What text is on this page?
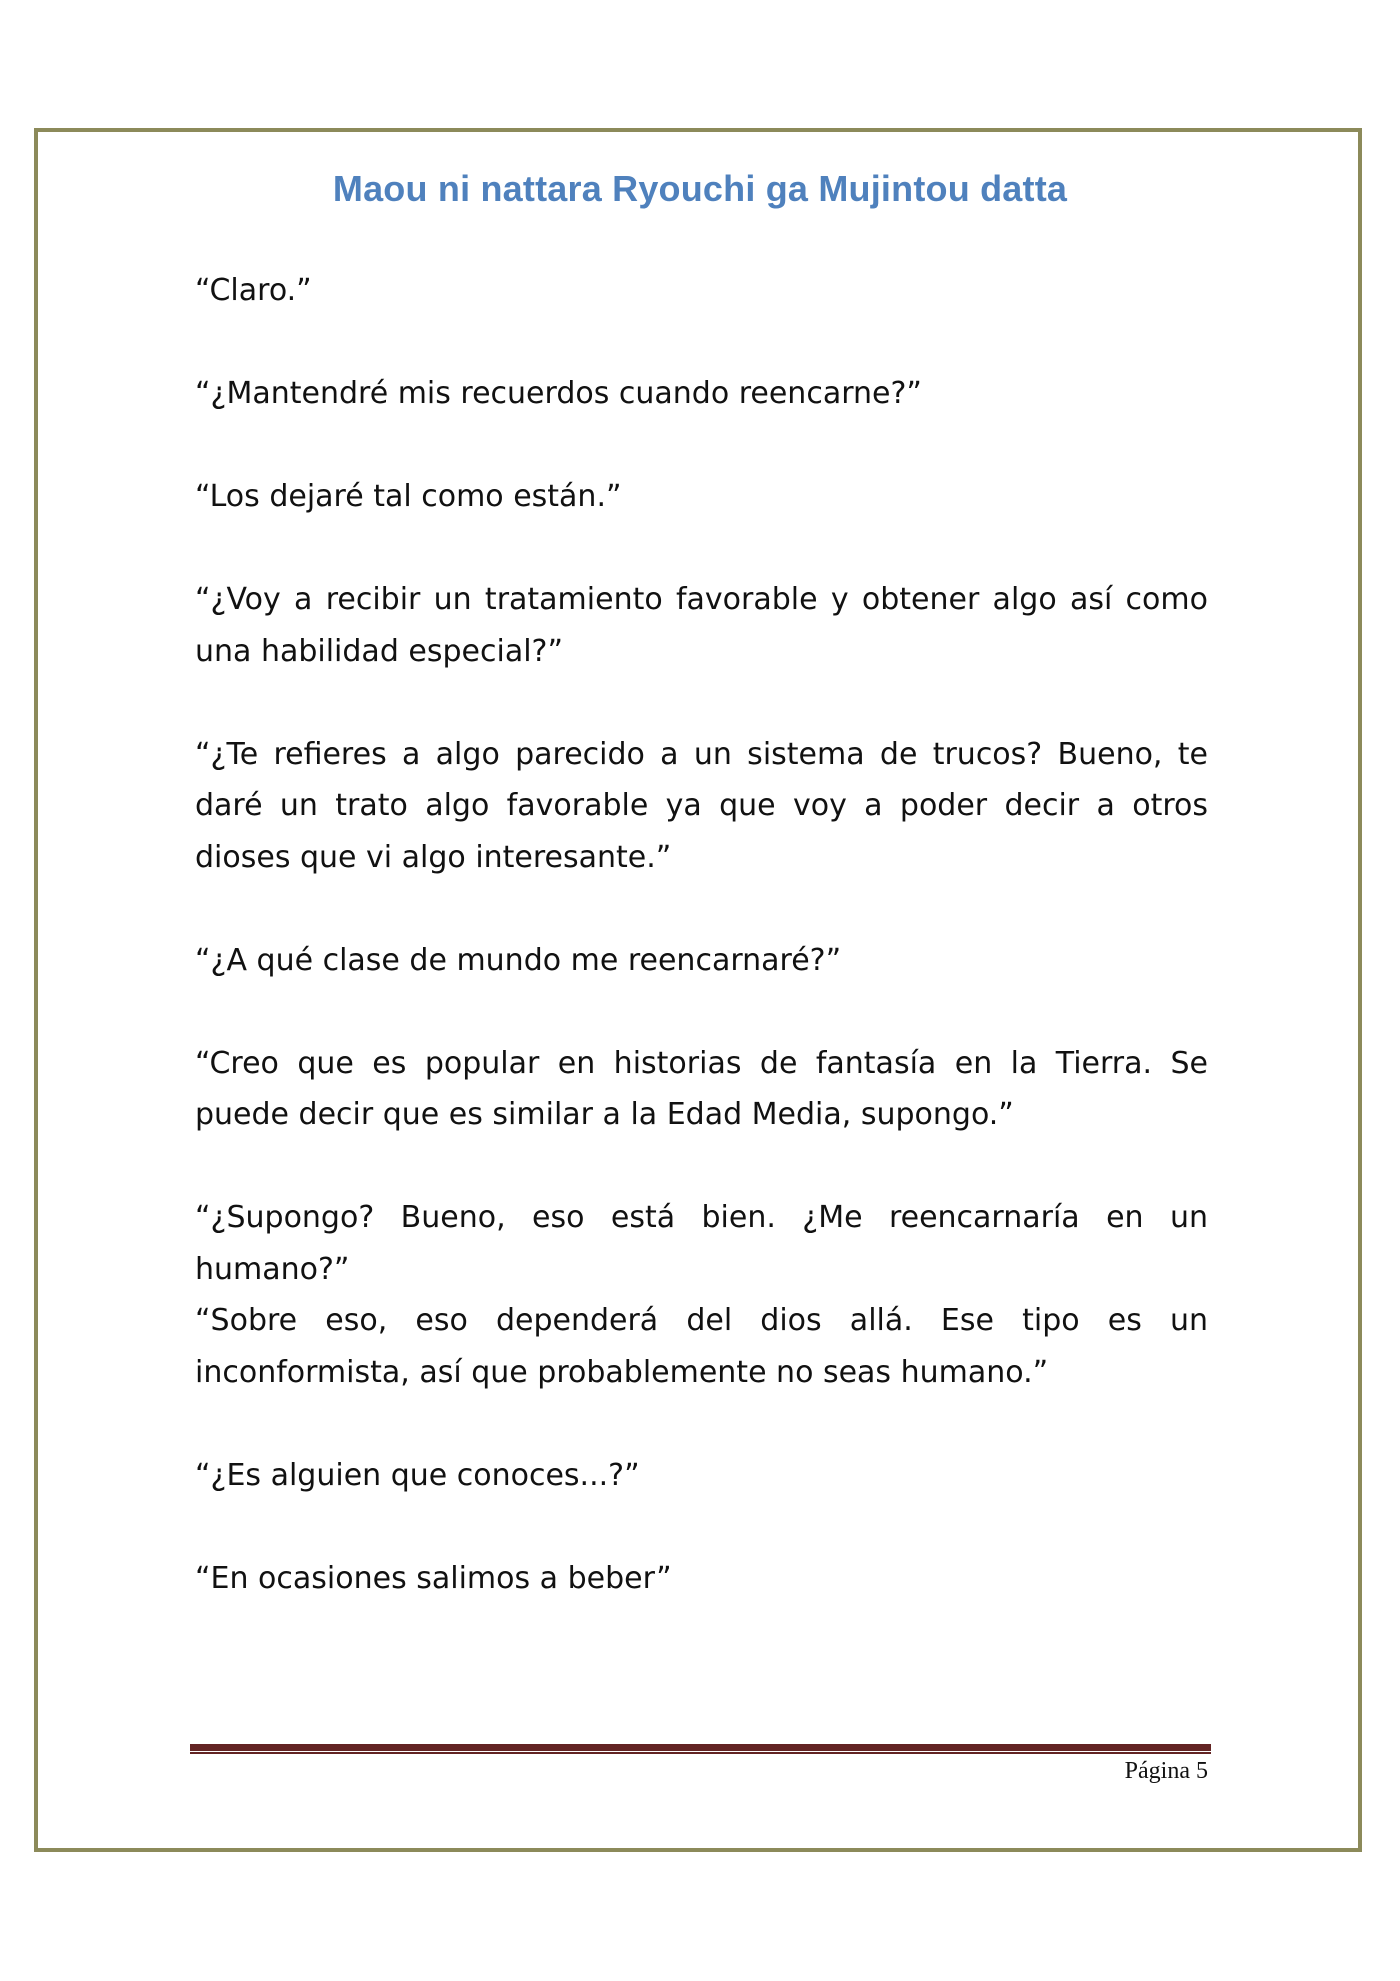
Maou ni nattara Ryouchi ga Mujintou datta

“Claro.”

“¿Mantendré mis recuerdos cuando reencarne?”

“Los dejaré tal como están.”

“¿Voy a recibir un tratamiento favorable y obtener algo así como una habilidad especial?”

“¿Te refieres a algo parecido a un sistema de trucos? Bueno, te daré un trato algo favorable ya que voy a poder decir a otros dioses que vi algo interesante.”

“¿A qué clase de mundo me reencarnaré?”

“Creo que es popular en historias de fantasía en la Tierra. Se puede decir que es similar a la Edad Media, supongo.”

“¿Supongo? Bueno, eso está bien. ¿Me reencarnaría en un humano?”

“Sobre eso, eso dependerá del dios allá. Ese tipo es un inconformista, así que probablemente no seas humano.”

“¿Es alguien que conoces...?”

“En ocasiones salimos a beber”

Página 5
